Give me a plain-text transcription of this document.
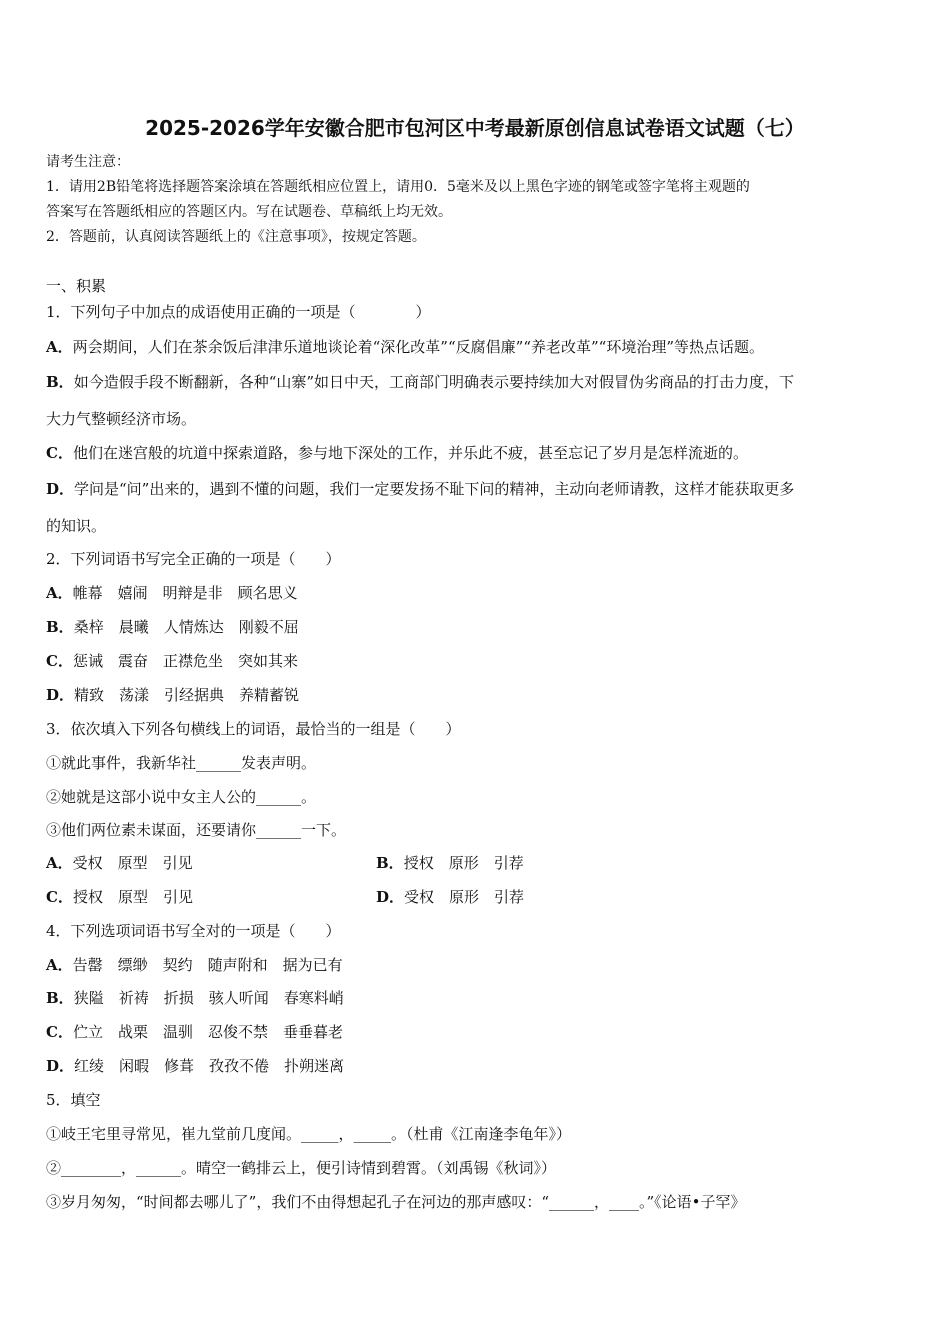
2025-2026学年安徽合肥市包河区中考最新原创信息试卷语文试题（七）
请考生注意：
1．请用2B铅笔将选择题答案涂填在答题纸相应位置上，请用0．5毫米及以上黑色字迹的钢笔或签字笔将主观题的
答案写在答题纸相应的答题区内。写在试题卷、草稿纸上均无效。
2．答题前，认真阅读答题纸上的《注意事项》，按规定答题。
一、积累
1．下列句子中加点的成语使用正确的一项是（　　　　）
A．两会期间，人们在茶余饭后津津乐道地谈论着“深化改革”“反腐倡廉”“养老改革”“环境治理”等热点话题。
B．如今造假手段不断翻新，各种“山寨”如日中天，工商部门明确表示要持续加大对假冒伪劣商品的打击力度，下
大力气整顿经济市场。
C．他们在迷宫般的坑道中探索道路，参与地下深处的工作，并乐此不疲，甚至忘记了岁月是怎样流逝的。
D．学问是“问”出来的，遇到不懂的问题，我们一定要发扬不耻下问的精神，主动向老师请教，这样才能获取更多
的知识。
2．下列词语书写完全正确的一项是（　　）
A．帷幕　嬉闹　明辩是非　顾名思义
B．桑梓　晨曦　人情炼达　刚毅不屈
C．惩诫　震奋　正襟危坐　突如其来
D．精致　荡漾　引经据典　养精蓄锐
3．依次填入下列各句横线上的词语，最恰当的一组是（　　）
①就此事件，我新华社______发表声明。
②她就是这部小说中女主人公的______。
③他们两位素未谋面，还要请你______一下。
A．受权　原型　引见	B．授权　原形　引荐
C．授权　原型　引见	D．受权　原形　引荐
4．下列选项词语书写全对的一项是（　　）
A．告罄　缥缈　契约　随声附和　据为已有
B．狭隘　祈祷　折损　骇人听闻　春寒料峭
C．伫立　战栗　温驯　忍俊不禁　垂垂暮老
D．红绫　闲暇　修葺　孜孜不倦　扑朔迷离
5．填空
①岐王宅里寻常见，崔九堂前几度闻。_____，_____。（杜甫《江南逢李龟年》）
②________，______。晴空一鹤排云上，便引诗情到碧霄。（刘禹锡《秋词》）
③岁月匆匆，“时间都去哪儿了”，我们不由得想起孔子在河边的那声感叹：“______，____。”《论语•子罕》
